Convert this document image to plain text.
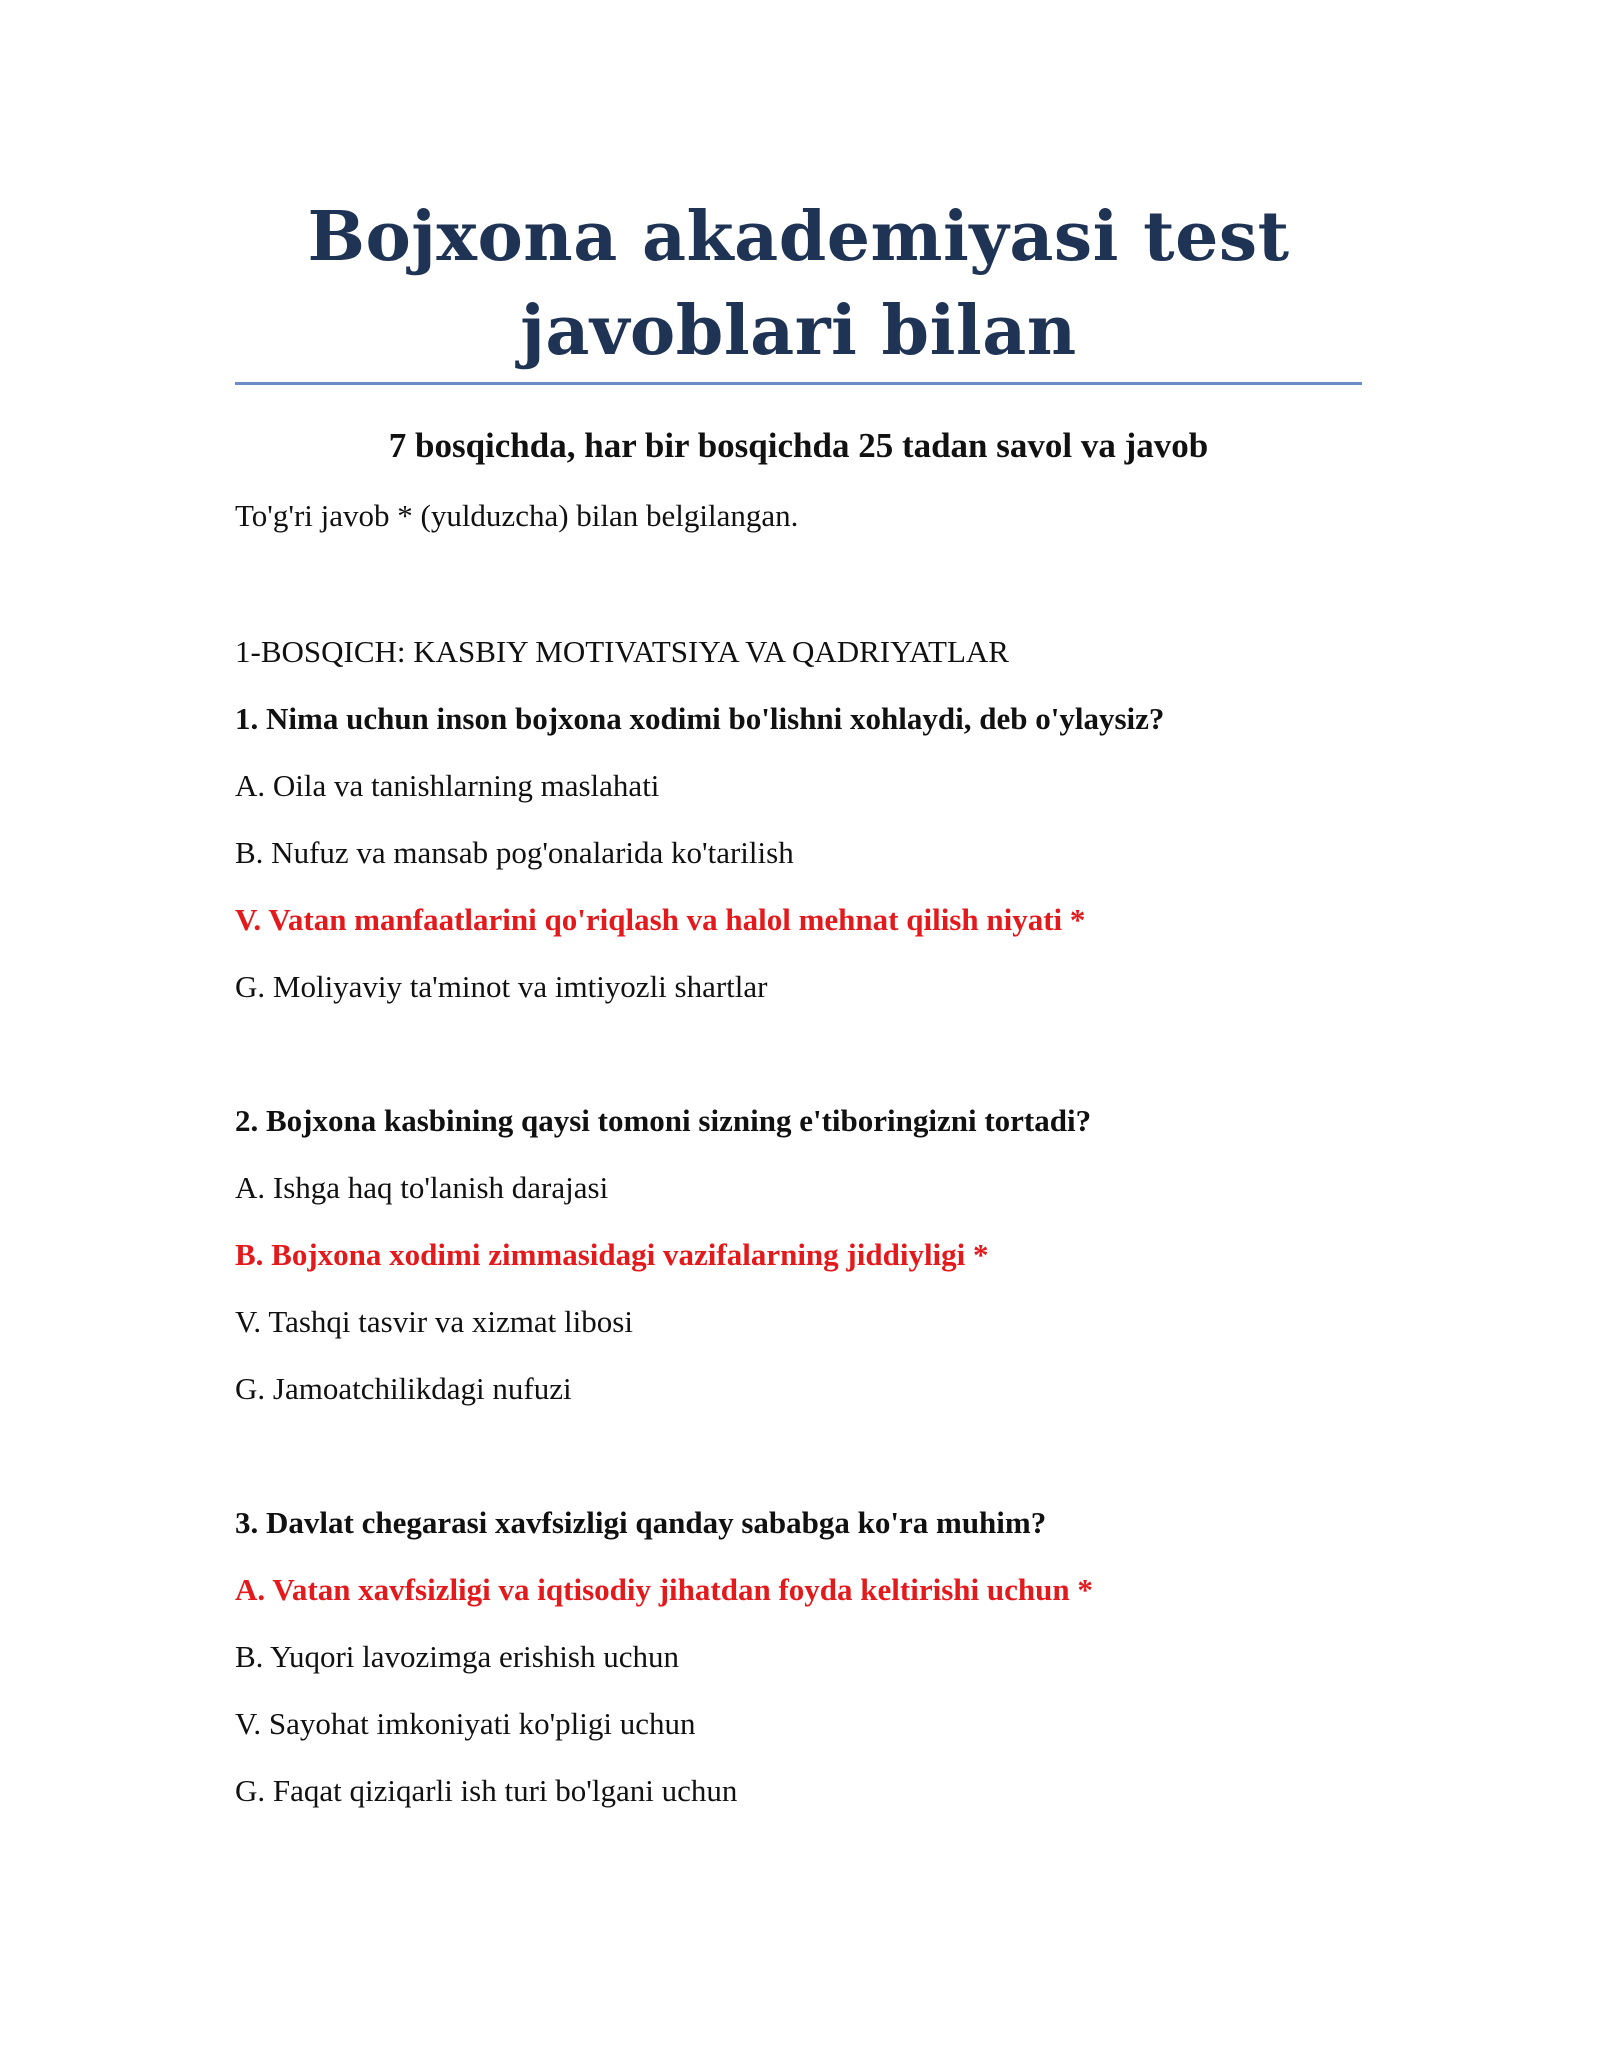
Bojxona akademiyasi test
javoblari bilan

7 bosqichda, har bir bosqichda 25 tadan savol va javob

To'g'ri javob * (yulduzcha) bilan belgilangan.

1-BOSQICH: KASBIY MOTIVATSIYA VA QADRIYATLAR

1. Nima uchun inson bojxona xodimi bo'lishni xohlaydi, deb o'ylaysiz?

A. Oila va tanishlarning maslahati

B. Nufuz va mansab pog'onalarida ko'tarilish

V. Vatan manfaatlarini qo'riqlash va halol mehnat qilish niyati *

G. Moliyaviy ta'minot va imtiyozli shartlar

2. Bojxona kasbining qaysi tomoni sizning e'tiboringizni tortadi?

A. Ishga haq to'lanish darajasi

B. Bojxona xodimi zimmasidagi vazifalarning jiddiyligi *

V. Tashqi tasvir va xizmat libosi

G. Jamoatchilikdagi nufuzi

3. Davlat chegarasi xavfsizligi qanday sababga ko'ra muhim?

A. Vatan xavfsizligi va iqtisodiy jihatdan foyda keltirishi uchun *

B. Yuqori lavozimga erishish uchun

V. Sayohat imkoniyati ko'pligi uchun

G. Faqat qiziqarli ish turi bo'lgani uchun
